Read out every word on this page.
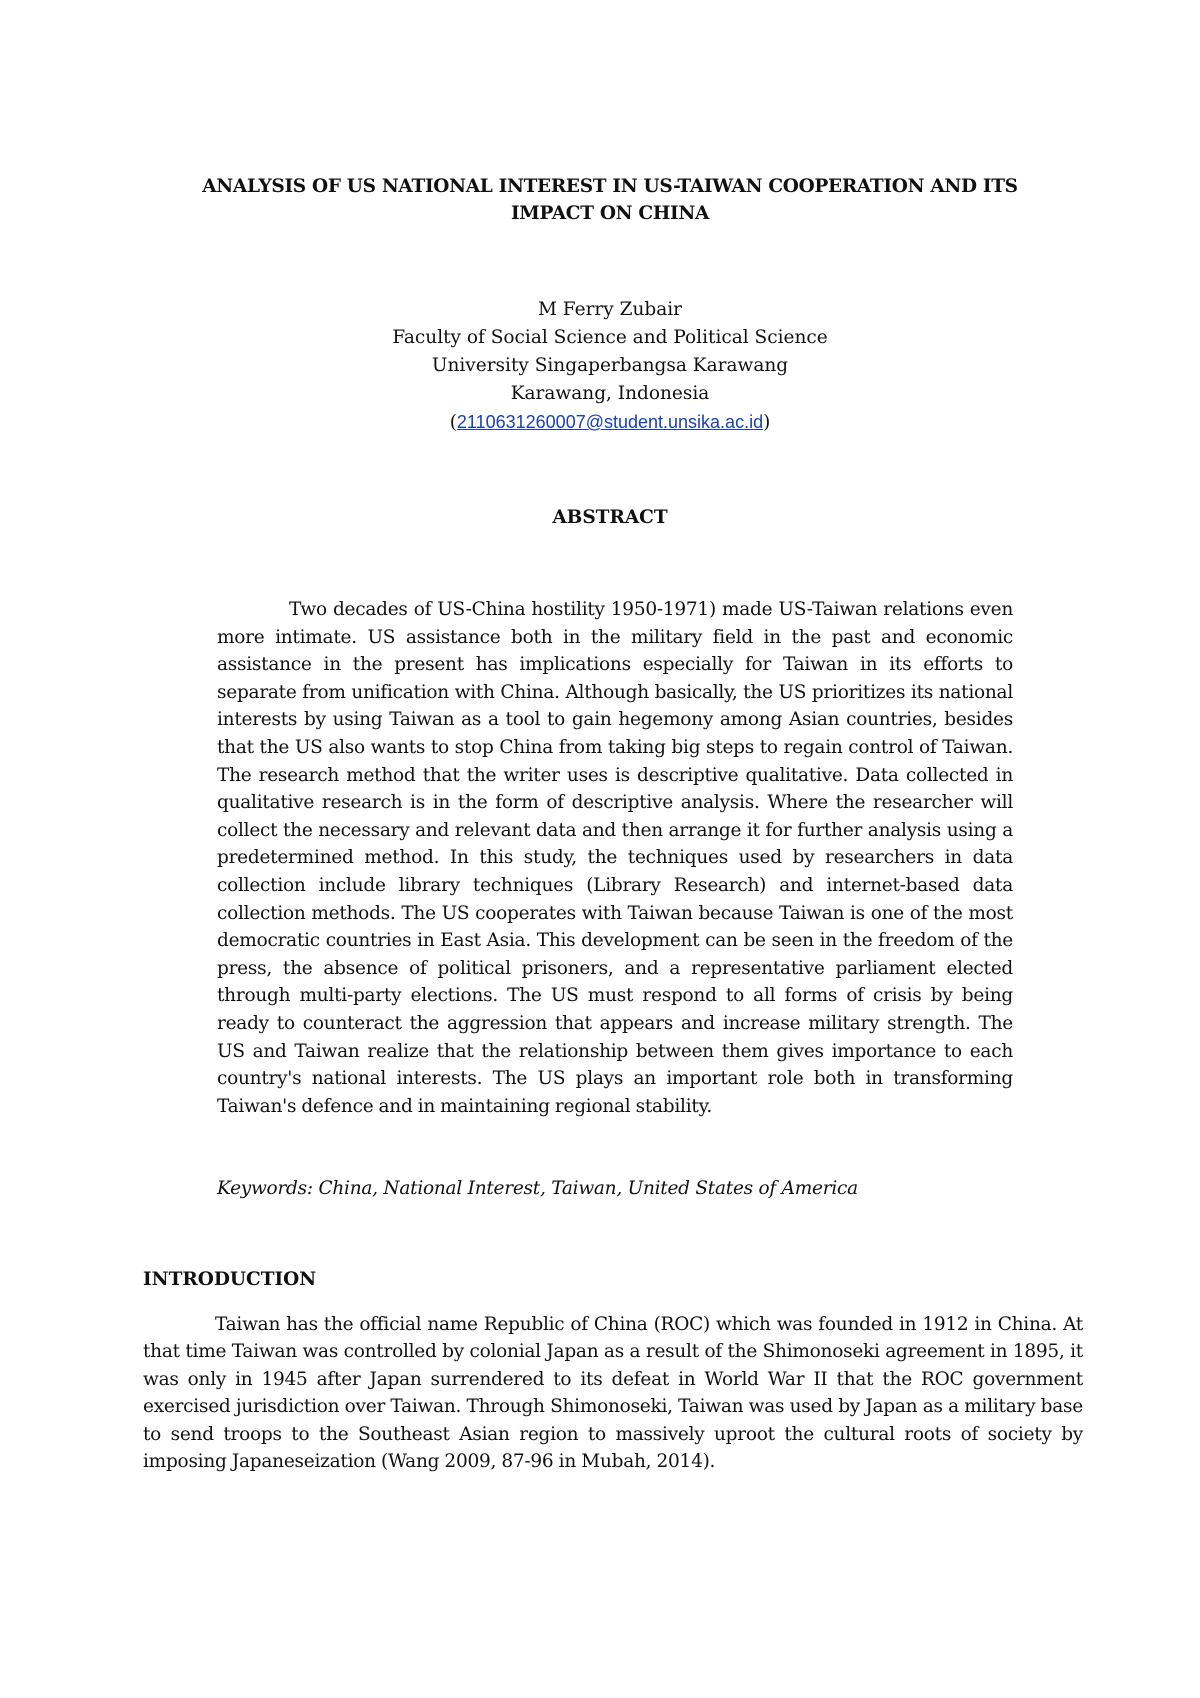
ANALYSIS OF US NATIONAL INTEREST IN US-TAIWAN COOPERATION AND ITS
IMPACT ON CHINA
M Ferry Zubair
Faculty of Social Science and Political Science
University Singaperbangsa Karawang
Karawang, Indonesia
(2110631260007@student.unsika.ac.id)
ABSTRACT

Two decades of US-China hostility 1950-1971) made US-Taiwan relations even more intimate. US assistance both in the military field in the past and economic assistance in the present has implications especially for Taiwan in its efforts to separate from unification with China. Although basically, the US prioritizes its national interests by using Taiwan as a tool to gain hegemony among Asian countries, besides that the US also wants to stop China from taking big steps to regain control of Taiwan. The research method that the writer uses is descriptive qualitative. Data collected in qualitative research is in the form of descriptive analysis. Where the researcher will collect the necessary and relevant data and then arrange it for further analysis using a predetermined method. In this study, the techniques used by researchers in data collection include library techniques (Library Research) and internet-based data collection methods. The US cooperates with Taiwan because Taiwan is one of the most democratic countries in East Asia. This development can be seen in the freedom of the press, the absence of political prisoners, and a representative parliament elected through multi-party elections. The US must respond to all forms of crisis by being ready to counteract the aggression that appears and increase military strength. The US and Taiwan realize that the relationship between them gives importance to each country's national interests. The US plays an important role both in transforming Taiwan's defence and in maintaining regional stability.

Keywords: China, National Interest, Taiwan, United States of America

INTRODUCTION

Taiwan has the official name Republic of China (ROC) which was founded in 1912 in China. At that time Taiwan was controlled by colonial Japan as a result of the Shimonoseki agreement in 1895, it was only in 1945 after Japan surrendered to its defeat in World War II that the ROC government exercised jurisdiction over Taiwan. Through Shimonoseki, Taiwan was used by Japan as a military base to send troops to the Southeast Asian region to massively uproot the cultural roots of society by imposing Japaneseization (Wang 2009, 87-96 in Mubah, 2014).
